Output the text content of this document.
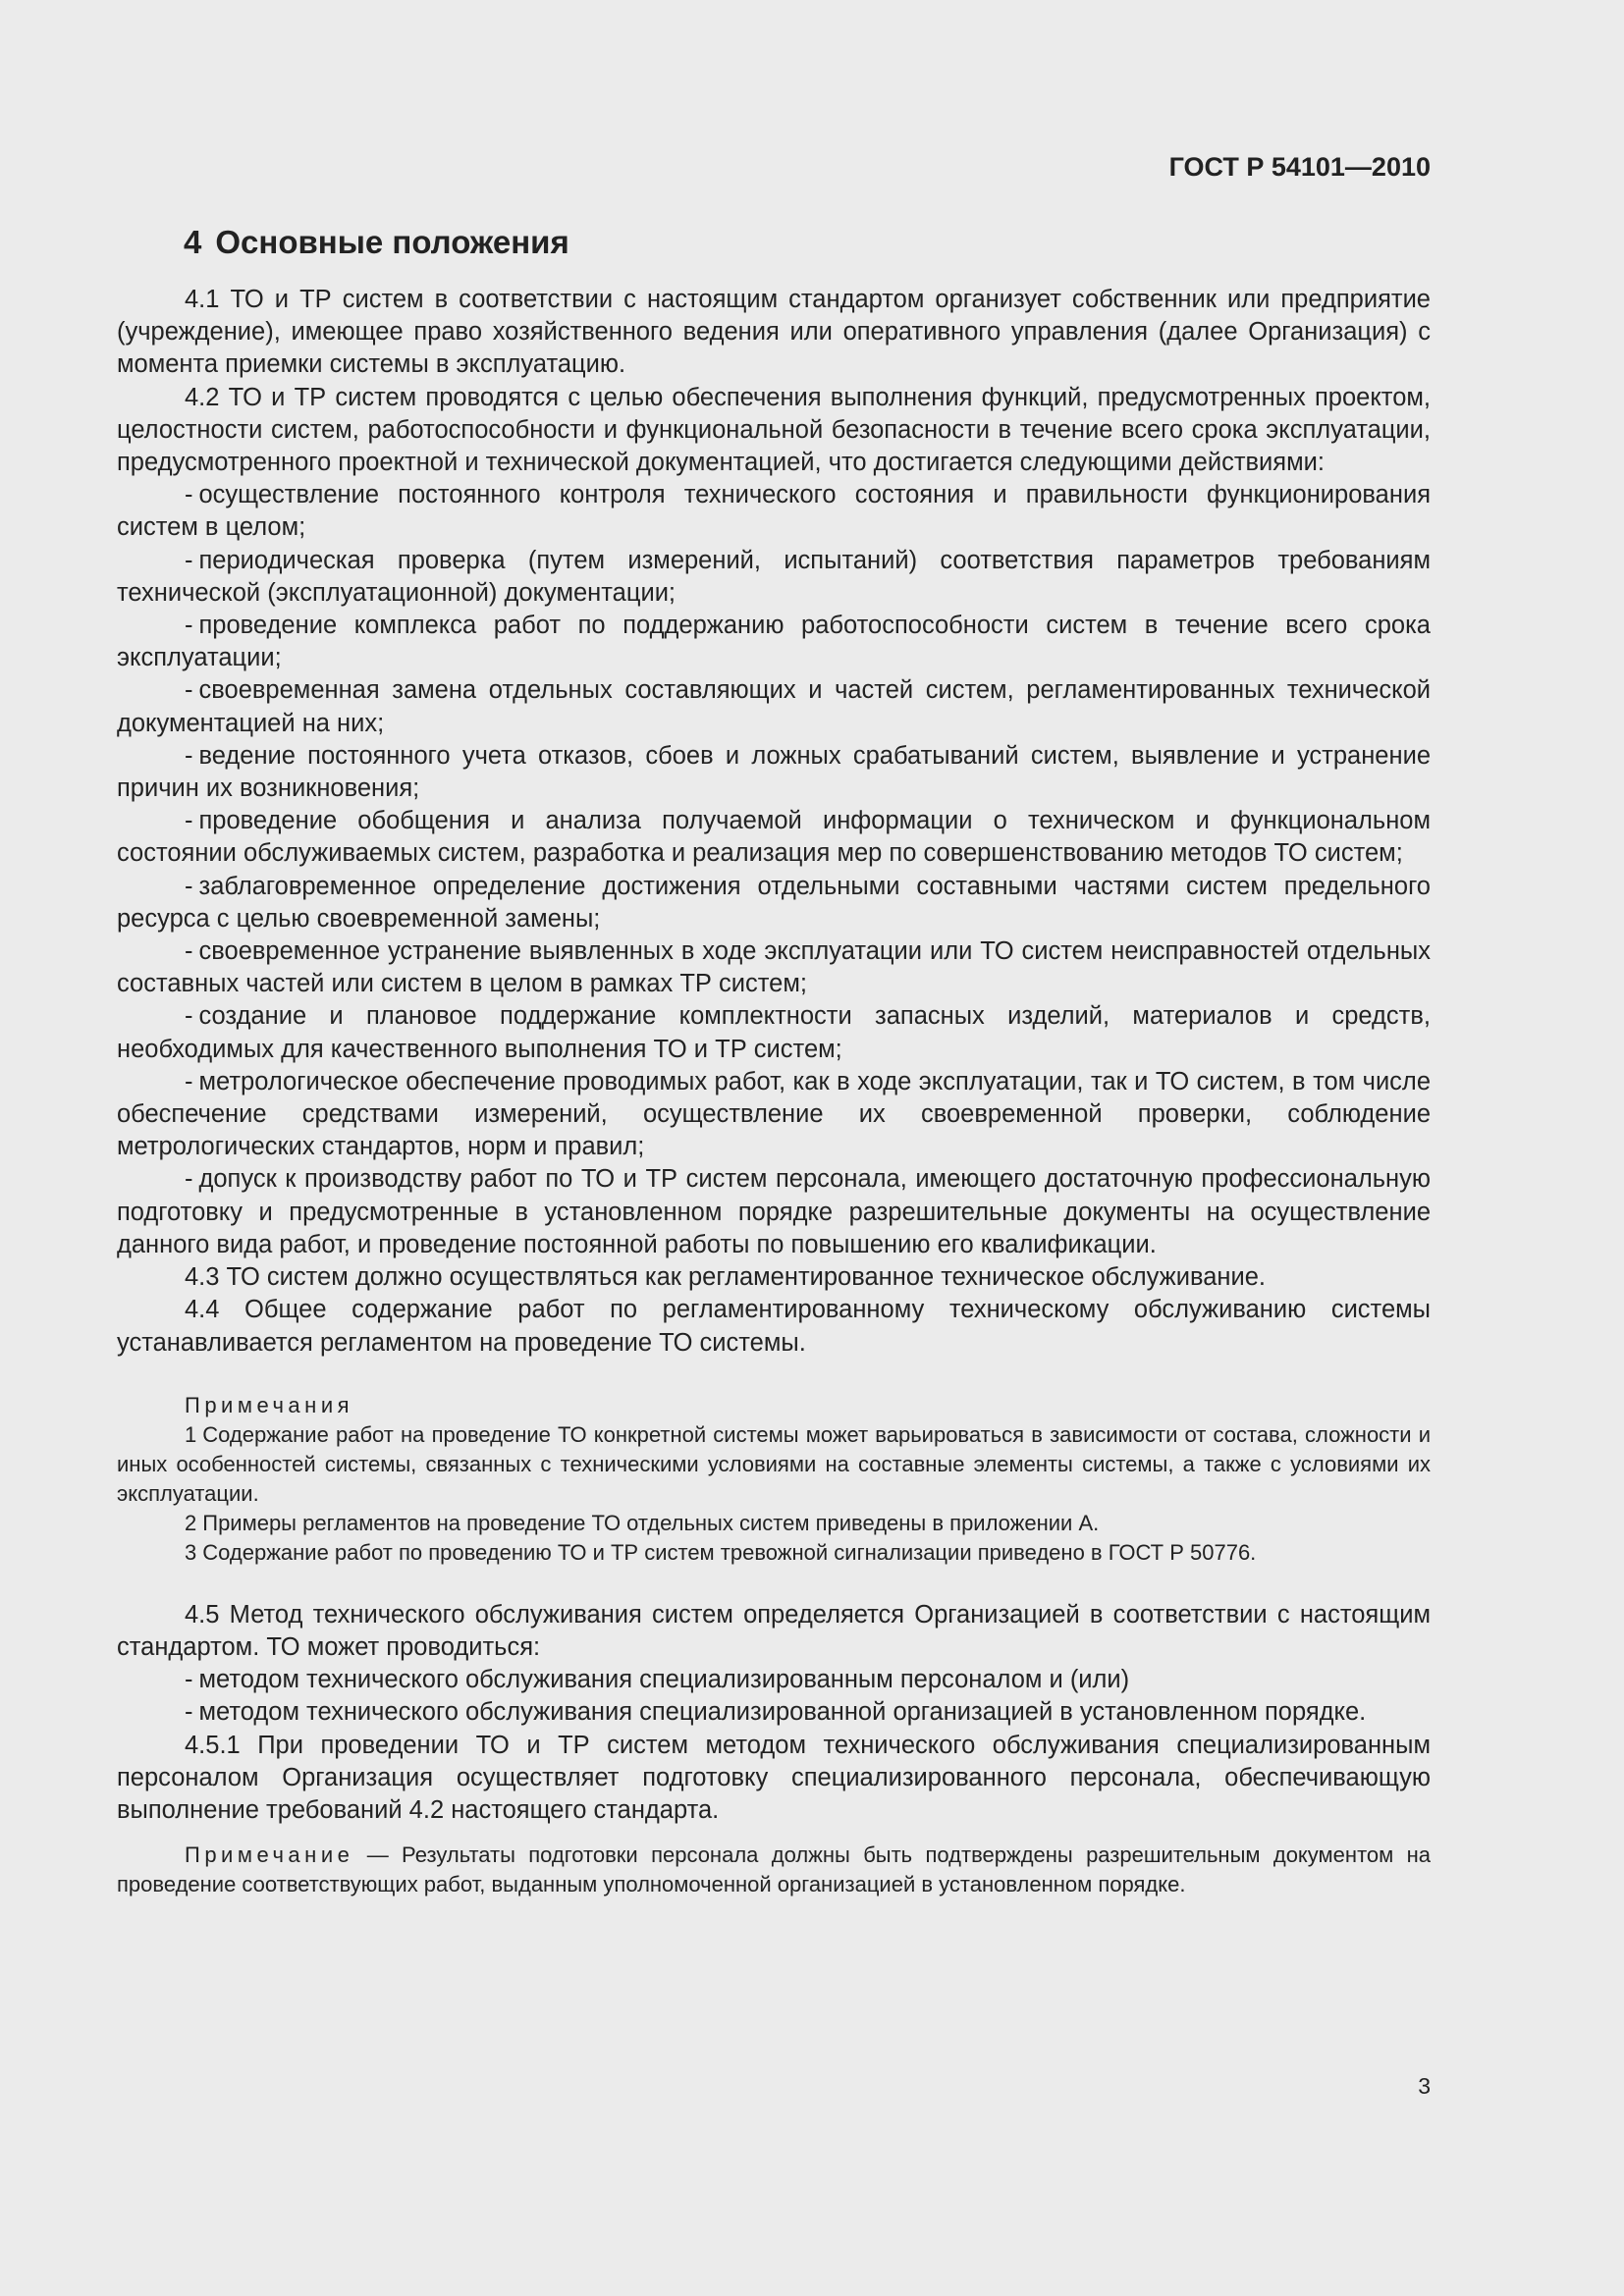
ГОСТ Р 54101—2010
4 Основные положения

4.1 ТО и ТР систем в соответствии с настоящим стандартом организует собственник или предприятие (учреждение), имеющее право хозяйственного ведения или оперативного управления (далее Организация) с момента приемки системы в эксплуатацию.

4.2 ТО и ТР систем проводятся с целью обеспечения выполнения функций, предусмотренных проектом, целостности систем, работоспособности и функциональной безопасности в течение всего срока эксплуатации, предусмотренного проектной и технической документацией, что достигается следующими действиями:

- осуществление постоянного контроля технического состояния и правильности функционирования систем в целом;

- периодическая проверка (путем измерений, испытаний) соответствия параметров требованиям технической (эксплуатационной) документации;

- проведение комплекса работ по поддержанию работоспособности систем в течение всего срока эксплуатации;

- своевременная замена отдельных составляющих и частей систем, регламентированных технической документацией на них;

- ведение постоянного учета отказов, сбоев и ложных срабатываний систем, выявление и устранение причин их возникновения;

- проведение обобщения и анализа получаемой информации о техническом и функциональном состоянии обслуживаемых систем, разработка и реализация мер по совершенствованию методов ТО систем;

- заблаговременное определение достижения отдельными составными частями систем предельного ресурса с целью своевременной замены;

- своевременное устранение выявленных в ходе эксплуатации или ТО систем неисправностей отдельных составных частей или систем в целом в рамках ТР систем;

- создание и плановое поддержание комплектности запасных изделий, материалов и средств, необходимых для качественного выполнения ТО и ТР систем;

- метрологическое обеспечение проводимых работ, как в ходе эксплуатации, так и ТО систем, в том числе обеспечение средствами измерений, осуществление их своевременной проверки, соблюдение метрологических стандартов, норм и правил;

- допуск к производству работ по ТО и ТР систем персонала, имеющего достаточную профессиональную подготовку и предусмотренные в установленном порядке разрешительные документы на осуществление данного вида работ, и проведение постоянной работы по повышению его квалификации.

4.3 ТО систем должно осуществляться как регламентированное техническое обслуживание.

4.4 Общее содержание работ по регламентированному техническому обслуживанию системы устанавливается регламентом на проведение ТО системы.

Примечания

1 Содержание работ на проведение ТО конкретной системы может варьироваться в зависимости от состава, сложности и иных особенностей системы, связанных с техническими условиями на составные элементы системы, а также с условиями их эксплуатации.

2 Примеры регламентов на проведение ТО отдельных систем приведены в приложении А.

3 Содержание работ по проведению ТО и ТР систем тревожной сигнализации приведено в ГОСТ Р 50776.

4.5 Метод технического обслуживания систем определяется Организацией в соответствии с настоящим стандартом. ТО может проводиться:

- методом технического обслуживания специализированным персоналом и (или)

- методом технического обслуживания специализированной организацией в установленном порядке.

4.5.1 При проведении ТО и ТР систем методом технического обслуживания специализированным персоналом Организация осуществляет подготовку специализированного персонала, обеспечивающую выполнение требований 4.2 настоящего стандарта.

Примечание — Результаты подготовки персонала должны быть подтверждены разрешительным документом на проведение соответствующих работ, выданным уполномоченной организацией в установленном порядке.

3
